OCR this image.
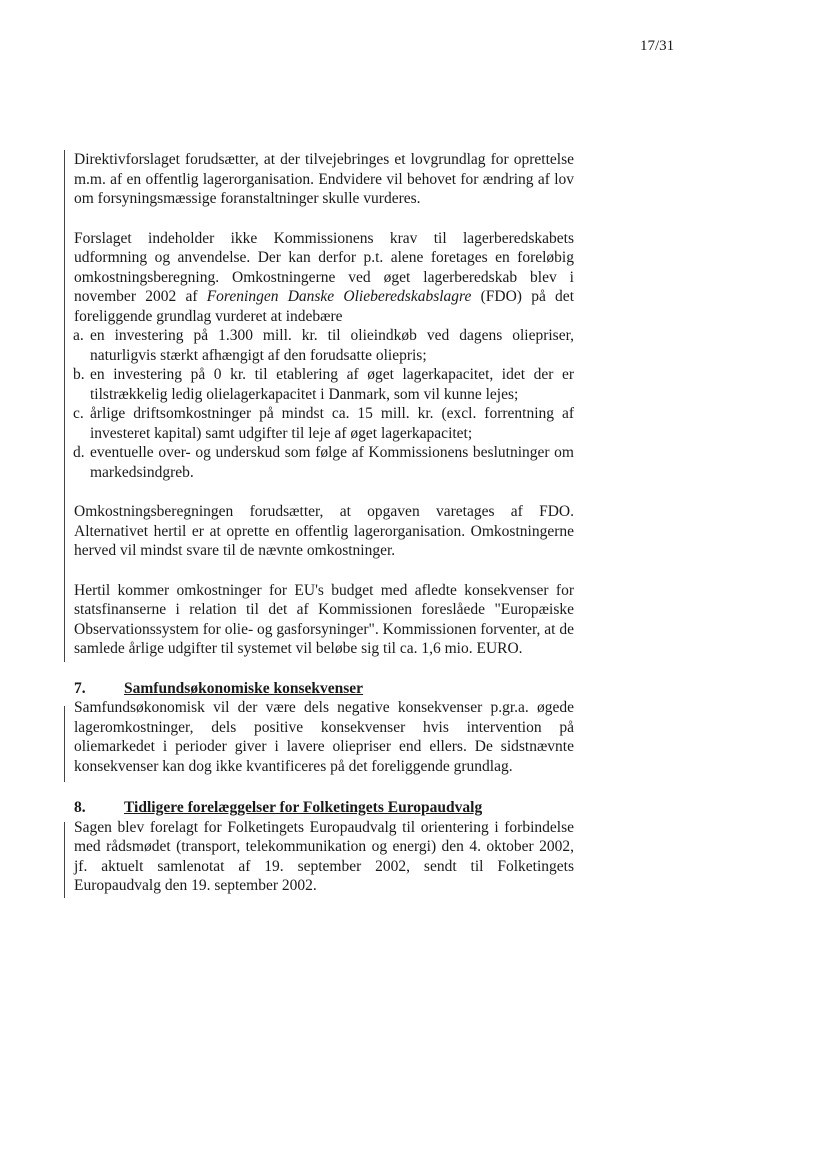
17/31

Direktivforslaget forudsætter, at der tilvejebringes et lovgrundlag for oprettelse m.m. af en offentlig lagerorganisation. Endvidere vil behovet for ændring af lov om forsyningsmæssige foranstaltninger skulle vurderes.

Forslaget indeholder ikke Kommissionens krav til lagerberedskabets udformning og anvendelse. Der kan derfor p.t. alene foretages en foreløbig omkostningsberegning. Omkostningerne ved øget lagerberedskab blev i november 2002 af Foreningen Danske Olieberedskabslagre (FDO) på det foreliggende grundlag vurderet at indebære
a. en investering på 1.300 mill. kr. til olieindkøb ved dagens oliepriser, naturligvis stærkt afhængigt af den forudsatte oliepris;
b. en investering på 0 kr. til etablering af øget lagerkapacitet, idet der er tilstrækkelig ledig olielagerkapacitet i Danmark, som vil kunne lejes;
c. årlige driftsomkostninger på mindst ca. 15 mill. kr. (excl. forrentning af investeret kapital) samt udgifter til leje af øget lagerkapacitet;
d. eventuelle over- og underskud som følge af Kommissionens beslutninger om markedsindgreb.

Omkostningsberegningen forudsætter, at opgaven varetages af FDO. Alternativet hertil er at oprette en offentlig lagerorganisation. Omkostningerne herved vil mindst svare til de nævnte omkostninger.

Hertil kommer omkostninger for EU's budget med afledte konsekvenser for statsfinanserne i relation til det af Kommissionen foreslåede "Europæiske Observationssystem for olie- og gasforsyninger". Kommissionen forventer, at de samlede årlige udgifter til systemet vil beløbe sig til ca. 1,6 mio. EURO.

7. Samfundsøkonomiske konsekvenser

Samfundsøkonomisk vil der være dels negative konsekvenser p.gr.a. øgede lageromkostninger, dels positive konsekvenser hvis intervention på oliemarkedet i perioder giver i lavere oliepriser end ellers. De sidstnævnte konsekvenser kan dog ikke kvantificeres på det foreliggende grundlag.

8. Tidligere forelæggelser for Folketingets Europaudvalg

Sagen blev forelagt for Folketingets Europaudvalg til orientering i forbindelse med rådsmødet (transport, telekommunikation og energi) den 4. oktober 2002, jf. aktuelt samlenotat af 19. september 2002, sendt til Folketingets Europaudvalg den 19. september 2002.
